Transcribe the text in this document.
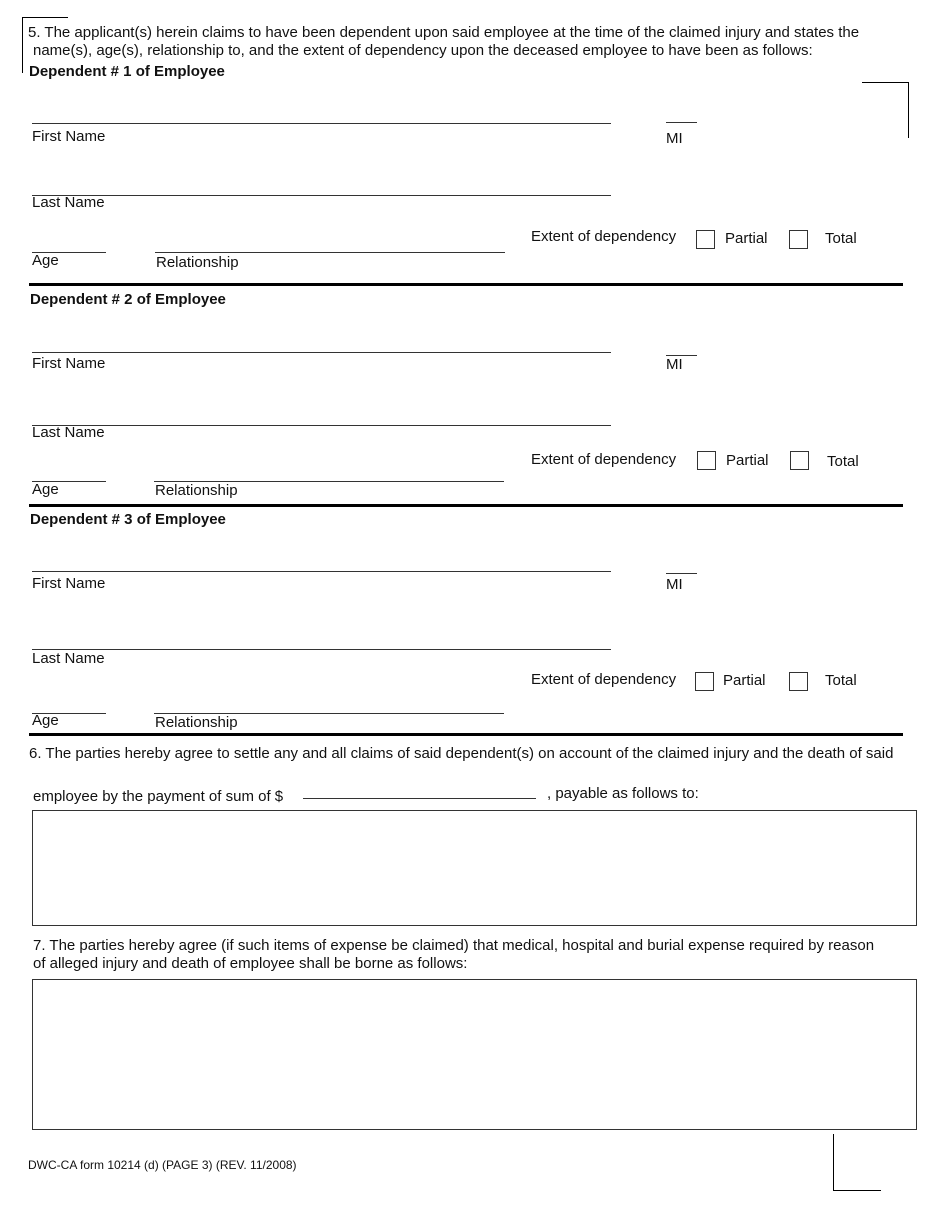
5. The applicant(s) herein claims to have been dependent upon said employee at the time of the claimed injury and states the
name(s), age(s), relationship to, and the extent of dependency upon the deceased employee to have been as follows:
Dependent # 1 of Employee
First Name	MI
Last Name
Extent of dependency	Partial	Total
Age	Relationship
Dependent # 2 of Employee
First Name	MI
Last Name
Extent of dependency	Partial	Total
Age	Relationship
Dependent # 3 of Employee
First Name	MI
Last Name
Extent of dependency	Partial	Total
Age	Relationship
6. The parties hereby agree to settle any and all claims of said dependent(s) on account of the claimed injury and the death of said
employee by the payment of sum of $	, payable as follows to:
7. The parties hereby agree (if such items of expense be claimed) that medical, hospital and burial expense required by reason
of alleged injury and death of employee shall be borne as follows:
DWC-CA form 10214 (d) (PAGE 3) (REV. 11/2008)
